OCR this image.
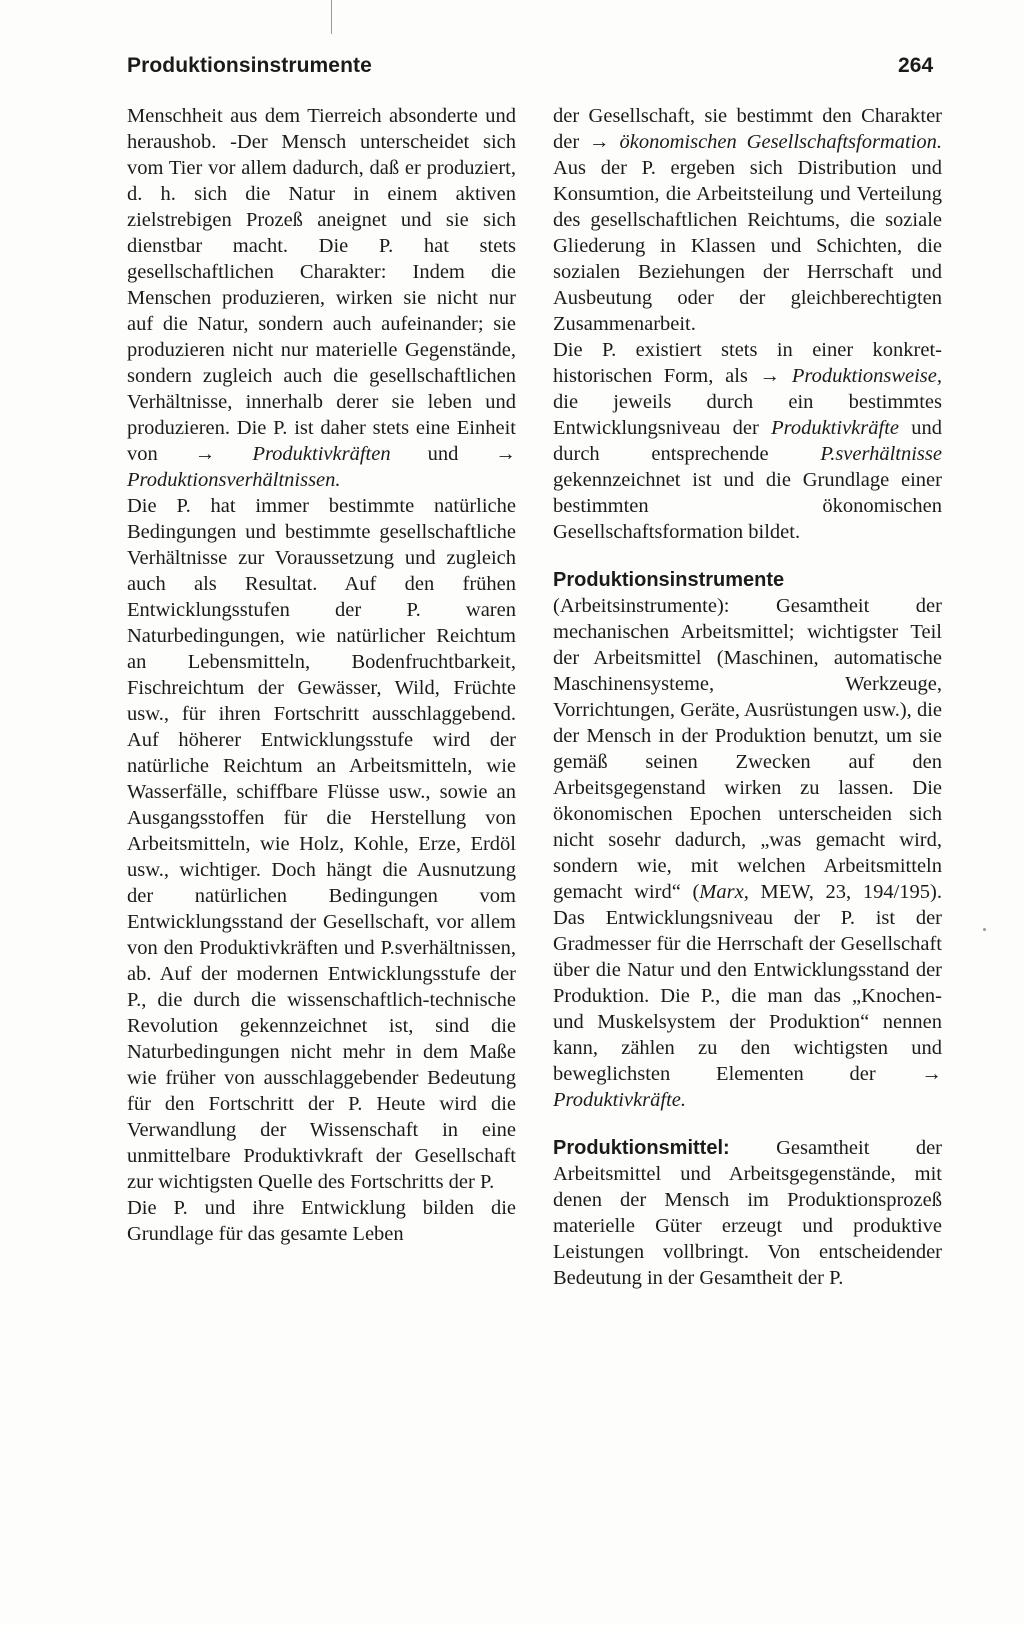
Produktionsinstrumente	264

Menschheit aus dem Tierreich absonderte und heraushob. -Der Mensch unterscheidet sich vom Tier vor allem dadurch, daß er produziert, d. h. sich die Natur in einem aktiven zielstrebigen Prozeß aneignet und sie sich dienstbar macht. Die P. hat stets gesellschaftlichen Charakter: Indem die Menschen produzieren, wirken sie nicht nur auf die Natur, sondern auch aufeinander; sie produzieren nicht nur materielle Gegenstände, sondern zugleich auch die gesellschaftlichen Verhältnisse, innerhalb derer sie leben und produzieren. Die P. ist daher stets eine Einheit von → Produktivkräften und → Produktionsverhältnissen.

Die P. hat immer bestimmte natürliche Bedingungen und bestimmte gesellschaftliche Verhältnisse zur Voraussetzung und zugleich auch als Resultat. Auf den frühen Entwicklungsstufen der P. waren Naturbedingungen, wie natürlicher Reichtum an Lebensmitteln, Bodenfruchtbarkeit, Fischreichtum der Gewässer, Wild, Früchte usw., für ihren Fortschritt ausschlaggebend. Auf höherer Entwicklungsstufe wird der natürliche Reichtum an Arbeitsmitteln, wie Wasserfälle, schiffbare Flüsse usw., sowie an Ausgangsstoffen für die Herstellung von Arbeitsmitteln, wie Holz, Kohle, Erze, Erdöl usw., wichtiger. Doch hängt die Ausnutzung der natürlichen Bedingungen vom Entwicklungsstand der Gesellschaft, vor allem von den Produktivkräften und P.sverhältnissen, ab. Auf der modernen Entwicklungsstufe der P., die durch die wissenschaftlich-technische Revolution gekennzeichnet ist, sind die Naturbedingungen nicht mehr in dem Maße wie früher von ausschlaggebender Bedeutung für den Fortschritt der P. Heute wird die Verwandlung der Wissenschaft in eine unmittelbare Produktivkraft der Gesellschaft zur wichtigsten Quelle des Fortschritts der P.

Die P. und ihre Entwicklung bilden die Grundlage für das gesamte Leben

der Gesellschaft, sie bestimmt den Charakter der → ökonomischen Gesellschaftsformation. Aus der P. ergeben sich Distribution und Konsumtion, die Arbeitsteilung und Verteilung des gesellschaftlichen Reichtums, die soziale Gliederung in Klassen und Schichten, die sozialen Beziehungen der Herrschaft und Ausbeutung oder der gleichberechtigten Zusammenarbeit.

Die P. existiert stets in einer konkret-historischen Form, als → Produktionsweise, die jeweils durch ein bestimmtes Entwicklungsniveau der Produktivkräfte und durch entsprechende P.sverhältnisse gekennzeichnet ist und die Grundlage einer bestimmten ökonomischen Gesellschaftsformation bildet.

Produktionsinstrumente (Arbeitsinstrumente): Gesamtheit der mechanischen Arbeitsmittel; wichtigster Teil der Arbeitsmittel (Maschinen, automatische Maschinensysteme, Werkzeuge, Vorrichtungen, Geräte, Ausrüstungen usw.), die der Mensch in der Produktion benutzt, um sie gemäß seinen Zwecken auf den Arbeitsgegenstand wirken zu lassen. Die ökonomischen Epochen unterscheiden sich nicht sosehr dadurch, „was gemacht wird, sondern wie, mit welchen Arbeitsmitteln gemacht wird“ (Marx, MEW, 23, 194/195). Das Entwicklungsniveau der P. ist der Gradmesser für die Herrschaft der Gesellschaft über die Natur und den Entwicklungsstand der Produktion. Die P., die man das „Knochen- und Muskelsystem der Produktion“ nennen kann, zählen zu den wichtigsten und beweglichsten Elementen der → Produktivkräfte.

Produktionsmittel: Gesamtheit der Arbeitsmittel und Arbeitsgegenstände, mit denen der Mensch im Produktionsprozeß materielle Güter erzeugt und produktive Leistungen vollbringt. Von entscheidender Bedeutung in der Gesamtheit der P.
